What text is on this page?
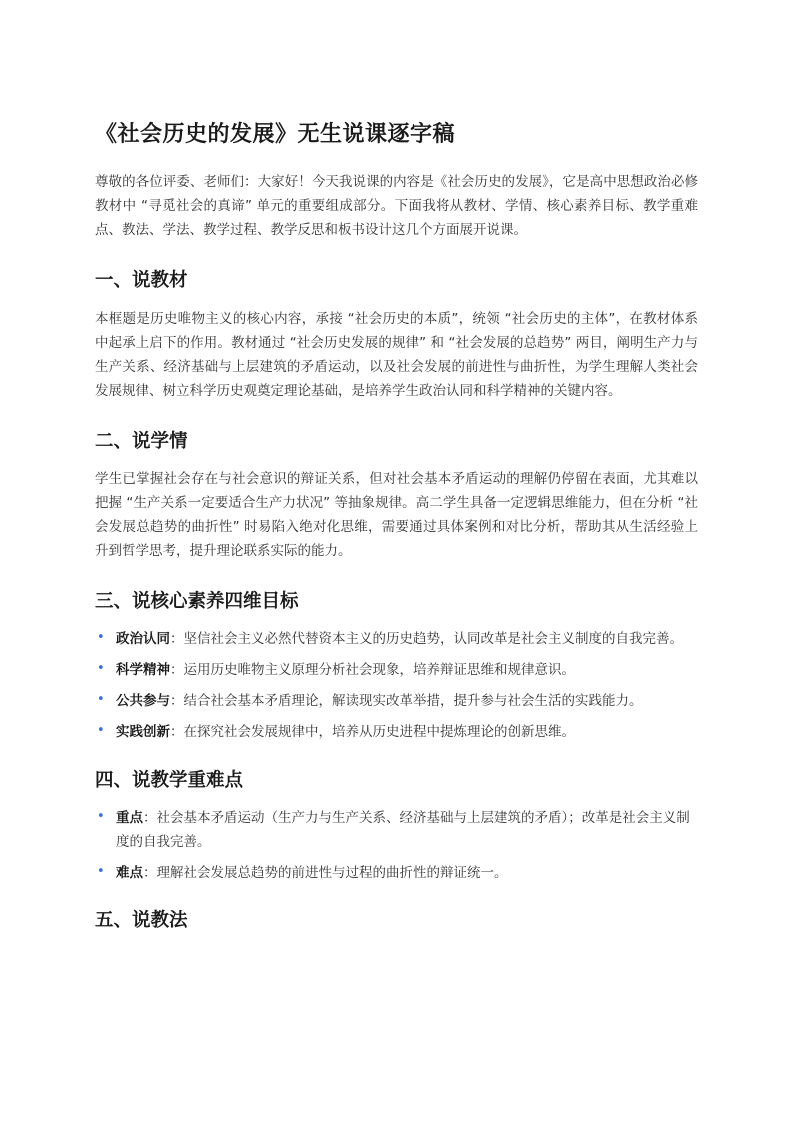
《社会历史的发展》无生说课逐字稿

尊敬的各位评委、老师们：大家好！今天我说课的内容是《社会历史的发展》，它是高中思想政治必修教材中 “寻觅社会的真谛” 单元的重要组成部分。下面我将从教材、学情、核心素养目标、教学重难点、教法、学法、教学过程、教学反思和板书设计这几个方面展开说课。

一、说教材

本框题是历史唯物主义的核心内容，承接 “社会历史的本质”，统领 “社会历史的主体”，在教材体系中起承上启下的作用。教材通过 “社会历史发展的规律” 和 “社会发展的总趋势” 两目，阐明生产力与生产关系、经济基础与上层建筑的矛盾运动，以及社会发展的前进性与曲折性，为学生理解人类社会发展规律、树立科学历史观奠定理论基础，是培养学生政治认同和科学精神的关键内容。

二、说学情

学生已掌握社会存在与社会意识的辩证关系，但对社会基本矛盾运动的理解仍停留在表面，尤其难以把握 “生产关系一定要适合生产力状况” 等抽象规律。高二学生具备一定逻辑思维能力，但在分析 “社会发展总趋势的曲折性” 时易陷入绝对化思维，需要通过具体案例和对比分析，帮助其从生活经验上升到哲学思考，提升理论联系实际的能力。

三、说核心素养四维目标
• 政治认同：坚信社会主义必然代替资本主义的历史趋势，认同改革是社会主义制度的自我完善。
• 科学精神：运用历史唯物主义原理分析社会现象，培养辩证思维和规律意识。
• 公共参与：结合社会基本矛盾理论，解读现实改革举措，提升参与社会生活的实践能力。
• 实践创新：在探究社会发展规律中，培养从历史进程中提炼理论的创新思维。
四、说教学重难点
• 重点：社会基本矛盾运动（生产力与生产关系、经济基础与上层建筑的矛盾）；改革是社会主义制度的自我完善。
• 难点：理解社会发展总趋势的前进性与过程的曲折性的辩证统一。
五、说教法
